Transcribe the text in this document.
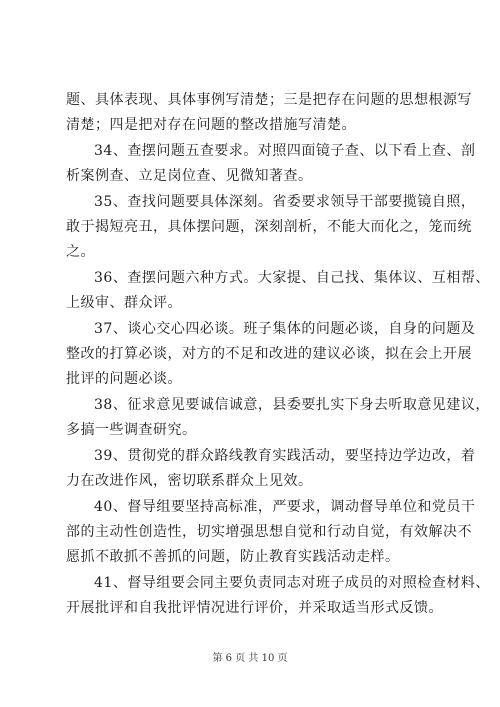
题、具体表现、具体事例写清楚；三是把存在问题的思想根源写
清楚；四是把对存在问题的整改措施写清楚。
34、查摆问题五查要求。对照四面镜子查、以下看上查、剖
析案例查、立足岗位查、见微知著查。
35、查找问题要具体深刻。省委要求领导干部要揽镜自照，
敢于揭短亮丑，具体摆问题，深刻剖析，不能大而化之，笼而统
之。
36、查摆问题六种方式。大家提、自己找、集体议、互相帮、
上级审、群众评。
37、谈心交心四必谈。班子集体的问题必谈，自身的问题及
整改的打算必谈，对方的不足和改进的建议必谈，拟在会上开展
批评的问题必谈。
38、征求意见要诚信诚意，县委要扎实下身去听取意见建议，
多搞一些调查研究。
39、贯彻党的群众路线教育实践活动，要坚持边学边改，着
力在改进作风，密切联系群众上见效。
40、督导组要坚持高标准，严要求，调动督导单位和党员干
部的主动性创造性，切实增强思想自觉和行动自觉，有效解决不
愿抓不敢抓不善抓的问题，防止教育实践活动走样。
41、督导组要会同主要负责同志对班子成员的对照检查材料、
开展批评和自我批评情况进行评价，并采取适当形式反馈。
第 6 页 共 10 页
